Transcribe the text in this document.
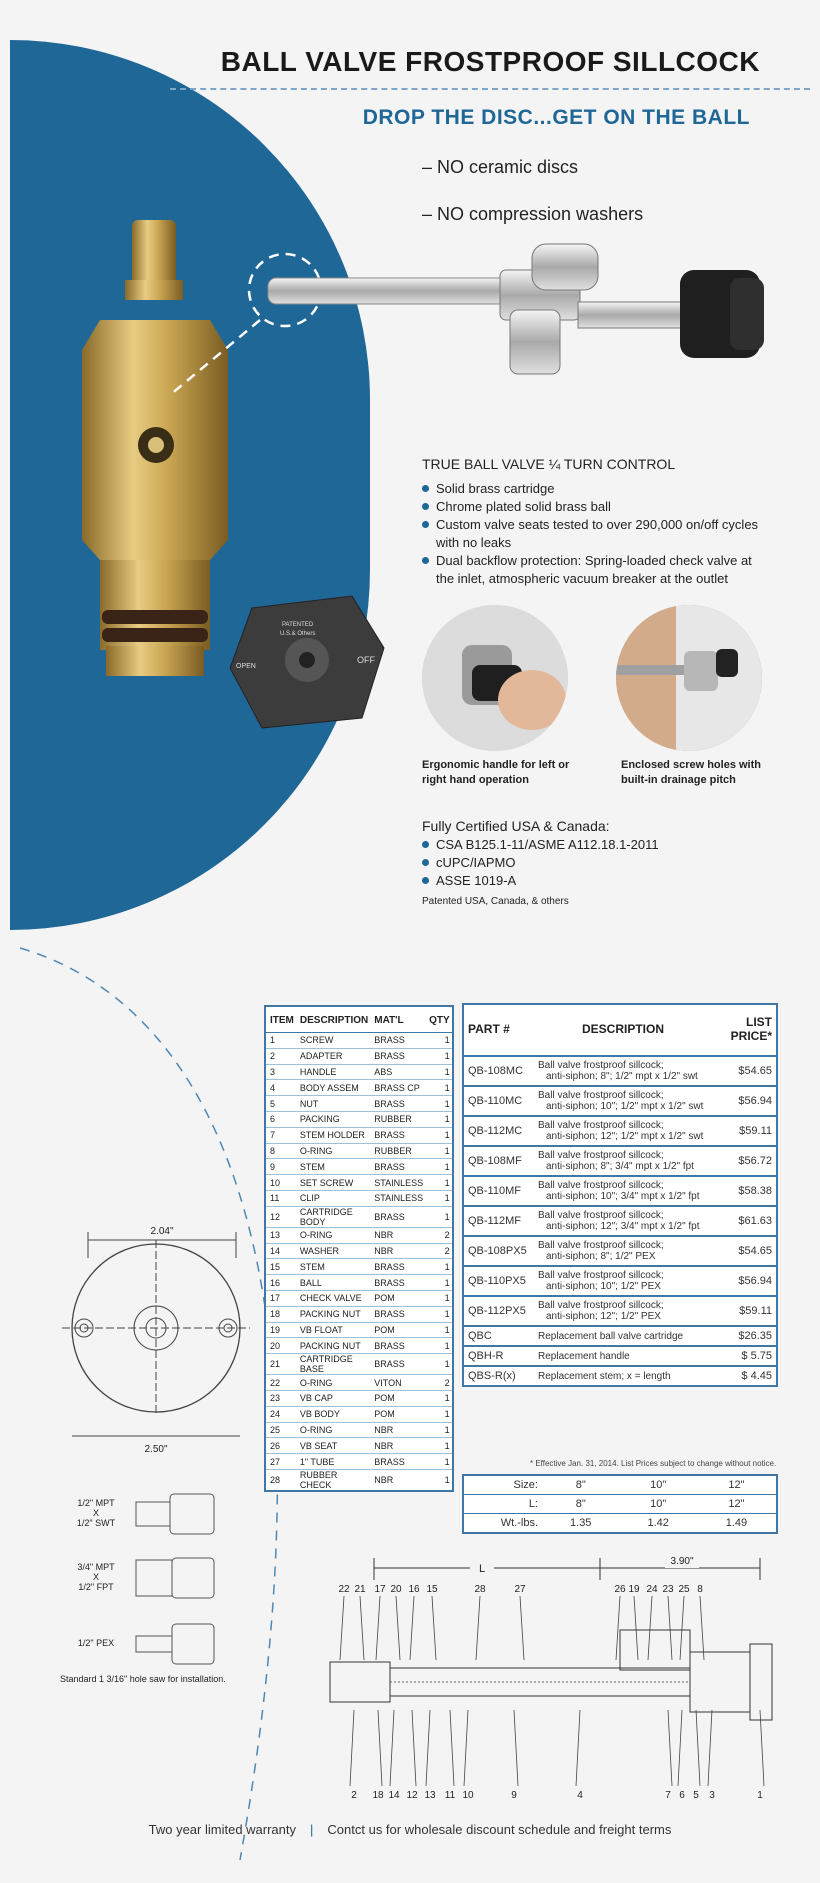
BALL VALVE FROSTPROOF SILLCOCK
DROP THE DISC...GET ON THE BALL
– NO ceramic discs
– NO compression washers
PATENTED
U.S.& Others
OFF
OPEN
TRUE BALL VALVE ¼ TURN CONTROL
Solid brass cartridge
Chrome plated solid brass ball
Custom valve seats tested to over 290,000 on/off cycles with no leaks
Dual backflow protection: Spring-loaded check valve at the inlet, atmospheric vacuum breaker at the outlet
Ergonomic handle for left or right hand operation
Enclosed screw holes with built-in drainage pitch
Fully Certified USA & Canada:
CSA B125.1-11/ASME A112.18.1-2011
cUPC/IAPMO
ASSE 1019-A
Patented USA, Canada, & others
ITEM	DESCRIPTION	MAT'L	QTY
1	SCREW	BRASS	1
2	ADAPTER	BRASS	1
3	HANDLE	ABS	1
4	BODY ASSEM	BRASS CP	1
5	NUT	BRASS	1
6	PACKING	RUBBER	1
7	STEM HOLDER	BRASS	1
8	O-RING	RUBBER	1
9	STEM	BRASS	1
10	SET SCREW	STAINLESS	1
11	CLIP	STAINLESS	1
12	CARTRIDGE BODY	BRASS	1
13	O-RING	NBR	2
14	WASHER	NBR	2
15	STEM	BRASS	1
16	BALL	BRASS	1
17	CHECK VALVE	POM	1
18	PACKING NUT	BRASS	1
19	VB FLOAT	POM	1
20	PACKING NUT	BRASS	1
21	CARTRIDGE BASE	BRASS	1
22	O-RING	VITON	2
23	VB CAP	POM	1
24	VB BODY	POM	1
25	O-RING	NBR	1
26	VB SEAT	NBR	1
27	1" TUBE	BRASS	1
28	RUBBER CHECK	NBR	1
PART #	DESCRIPTION	LIST PRICE*
QB-108MC	Ball valve frostproof sillcock;
anti-siphon; 8"; 1/2" mpt x 1/2" swt	$54.65
QB-110MC	Ball valve frostproof sillcock;
anti-siphon; 10"; 1/2" mpt x 1/2" swt	$56.94
QB-112MC	Ball valve frostproof sillcock;
anti-siphon; 12"; 1/2" mpt x 1/2" swt	$59.11
QB-108MF	Ball valve frostproof sillcock;
anti-siphon; 8"; 3/4" mpt x 1/2" fpt	$56.72
QB-110MF	Ball valve frostproof sillcock;
anti-siphon; 10"; 3/4" mpt x 1/2" fpt	$58.38
QB-112MF	Ball valve frostproof sillcock;
anti-siphon; 12"; 3/4" mpt x 1/2" fpt	$61.63
QB-108PX5	Ball valve frostproof sillcock;
anti-siphon; 8"; 1/2" PEX	$54.65
QB-110PX5	Ball valve frostproof sillcock;
anti-siphon; 10"; 1/2" PEX	$56.94
QB-112PX5	Ball valve frostproof sillcock;
anti-siphon; 12"; 1/2" PEX	$59.11
QBC	Replacement ball valve cartridge	$26.35
QBH-R	Replacement handle	$ 5.75
QBS-R(x)	Replacement stem; x = length	$ 4.45
* Effective Jan. 31, 2014. List Prices subject to change without notice.
Size:	8"	10"	12"
L:	8"	10"	12"
Wt.-lbs.	1.35	1.42	1.49
2.04"
2.50"
1/2" MPT
X
1/2" SWT
3/4" MPT
X
1/2" FPT
1/2" PEX
Standard 1 3/16" hole saw for installation.
L
3.90"
22 21 17 20 16 15	28	27	26 19 24 23 25 8
2 18 14 12 13 11 10	9	4	7 6 5 3	1
Two year limited warranty | Contct us for wholesale discount schedule and freight terms
